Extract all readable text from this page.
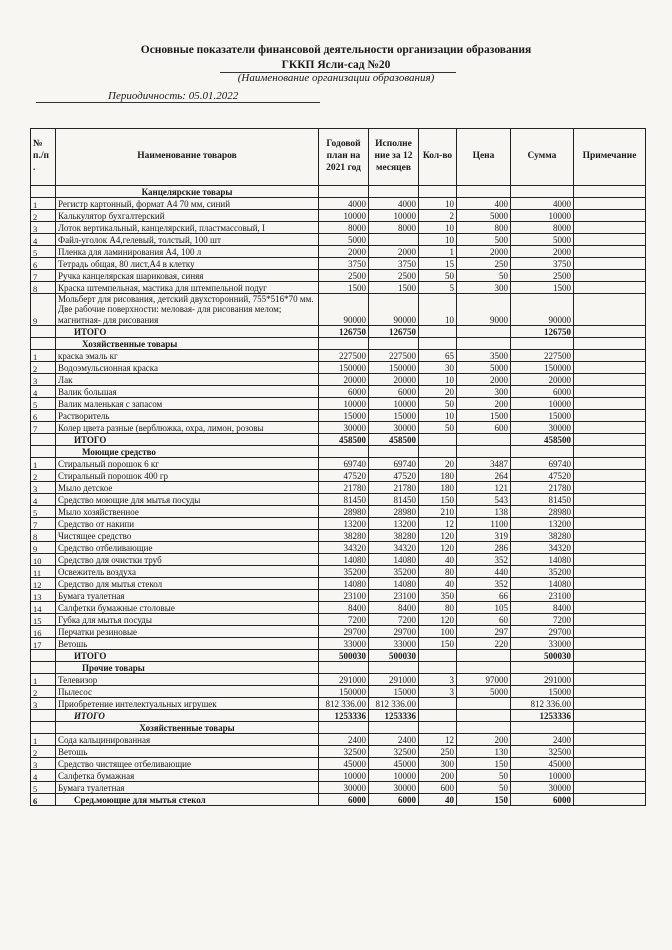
Основные показатели финансовой деятельности организации образования
ГККП Ясли-сад №20
(Наименование организации образования)
Периодичность: 05.01.2022
№ п./п .	Наименование товаров	Годовой план на 2021 год	Исполне ние за 12 месяцев	Кол-во	Цена	Сумма	Примечание
	Канцелярские товары						
1	Регистр картонный, формат А4 70 мм, синий	4000	4000	10	400	4000	
2	Калькулятор бухгалтерский	10000	10000	2	5000	10000	
3	Лоток вертикальный, канцелярский, пластмассовый, I	8000	8000	10	800	8000	
4	Файл-уголок А4,гелевый, толстый, 100 шт	5000		10	500	5000	
5	Пленка для ламинирования А4, 100 л	2000	2000	1	2000	2000	
6	Тетрадь общая, 80 лист,А4 в клетку	3750	3750	15	250	3750	
7	Ручка канцелярская шариковая, синяя	2500	2500	50	50	2500	
8	Краска штемпельная, мастика для штемпельной подуг	1500	1500	5	300	1500	
9	Мольберт для рисования, детский двухсторонний, 755*516*70 мм. Две рабочие поверхности: меловая- для рисования мелом; магнитная- для рисования	90000	90000	10	9000	90000	
	ИТОГО	126750	126750			126750	
	Хозяйственные товары						
1	краска эмаль кг	227500	227500	65	3500	227500	
2	Водоэмульсионная краска	150000	150000	30	5000	150000	
3	Лак	20000	20000	10	2000	20000	
4	Валик большая	6000	6000	20	300	6000	
5	Валик маленькая с запасом	10000	10000	50	200	10000	
6	Растворитель	15000	15000	10	1500	15000	
7	Колер цвета разные (верблюжка, охра, лимон, розовы	30000	30000	50	600	30000	
	ИТОГО	458500	458500			458500	
	Моющие средство						
1	Стиральный порошок 6 кг	69740	69740	20	3487	69740	
2	Стиральный порошок 400 гр	47520	47520	180	264	47520	
3	Мыло детское	21780	21780	180	121	21780	
4	Средство моющие для мытья посуды	81450	81450	150	543	81450	
5	Мыло хозяйственное	28980	28980	210	138	28980	
7	Средство от накипи	13200	13200	12	1100	13200	
8	Чистящее средство	38280	38280	120	319	38280	
9	Средство отбеливающие	34320	34320	120	286	34320	
10	Средство для очистки труб	14080	14080	40	352	14080	
11	Освежитель воздуха	35200	35200	80	440	35200	
12	Средство для мытья стекол	14080	14080	40	352	14080	
13	Бумага туалетная	23100	23100	350	66	23100	
14	Салфетки бумажные столовые	8400	8400	80	105	8400	
15	Губка для мытья посуды	7200	7200	120	60	7200	
16	Перчатки резиновые	29700	29700	100	297	29700	
17	Ветошь	33000	33000	150	220	33000	
	ИТОГО	500030	500030			500030	
	Прочие товары						
1	Телевизор	291000	291000	3	97000	291000	
2	Пылесос	150000	15000	3	5000	15000	
3	Приобретение интелектуальных игрушек	812 336.00	812 336.00			812 336.00	
	ИТОГО	1253336	1253336			1253336	
	Хозяйственные товары						
1	Сода кальцинированная	2400	2400	12	200	2400	
2	Ветошь	32500	32500	250	130	32500	
3	Средство чистящее отбеливающие	45000	45000	300	150	45000	
4	Салфетка бумажная	10000	10000	200	50	10000	
5	Бумага туалетная	30000	30000	600	50	30000	
6	Сред.моющие для мытья стекол	6000	6000	40	150	6000	
